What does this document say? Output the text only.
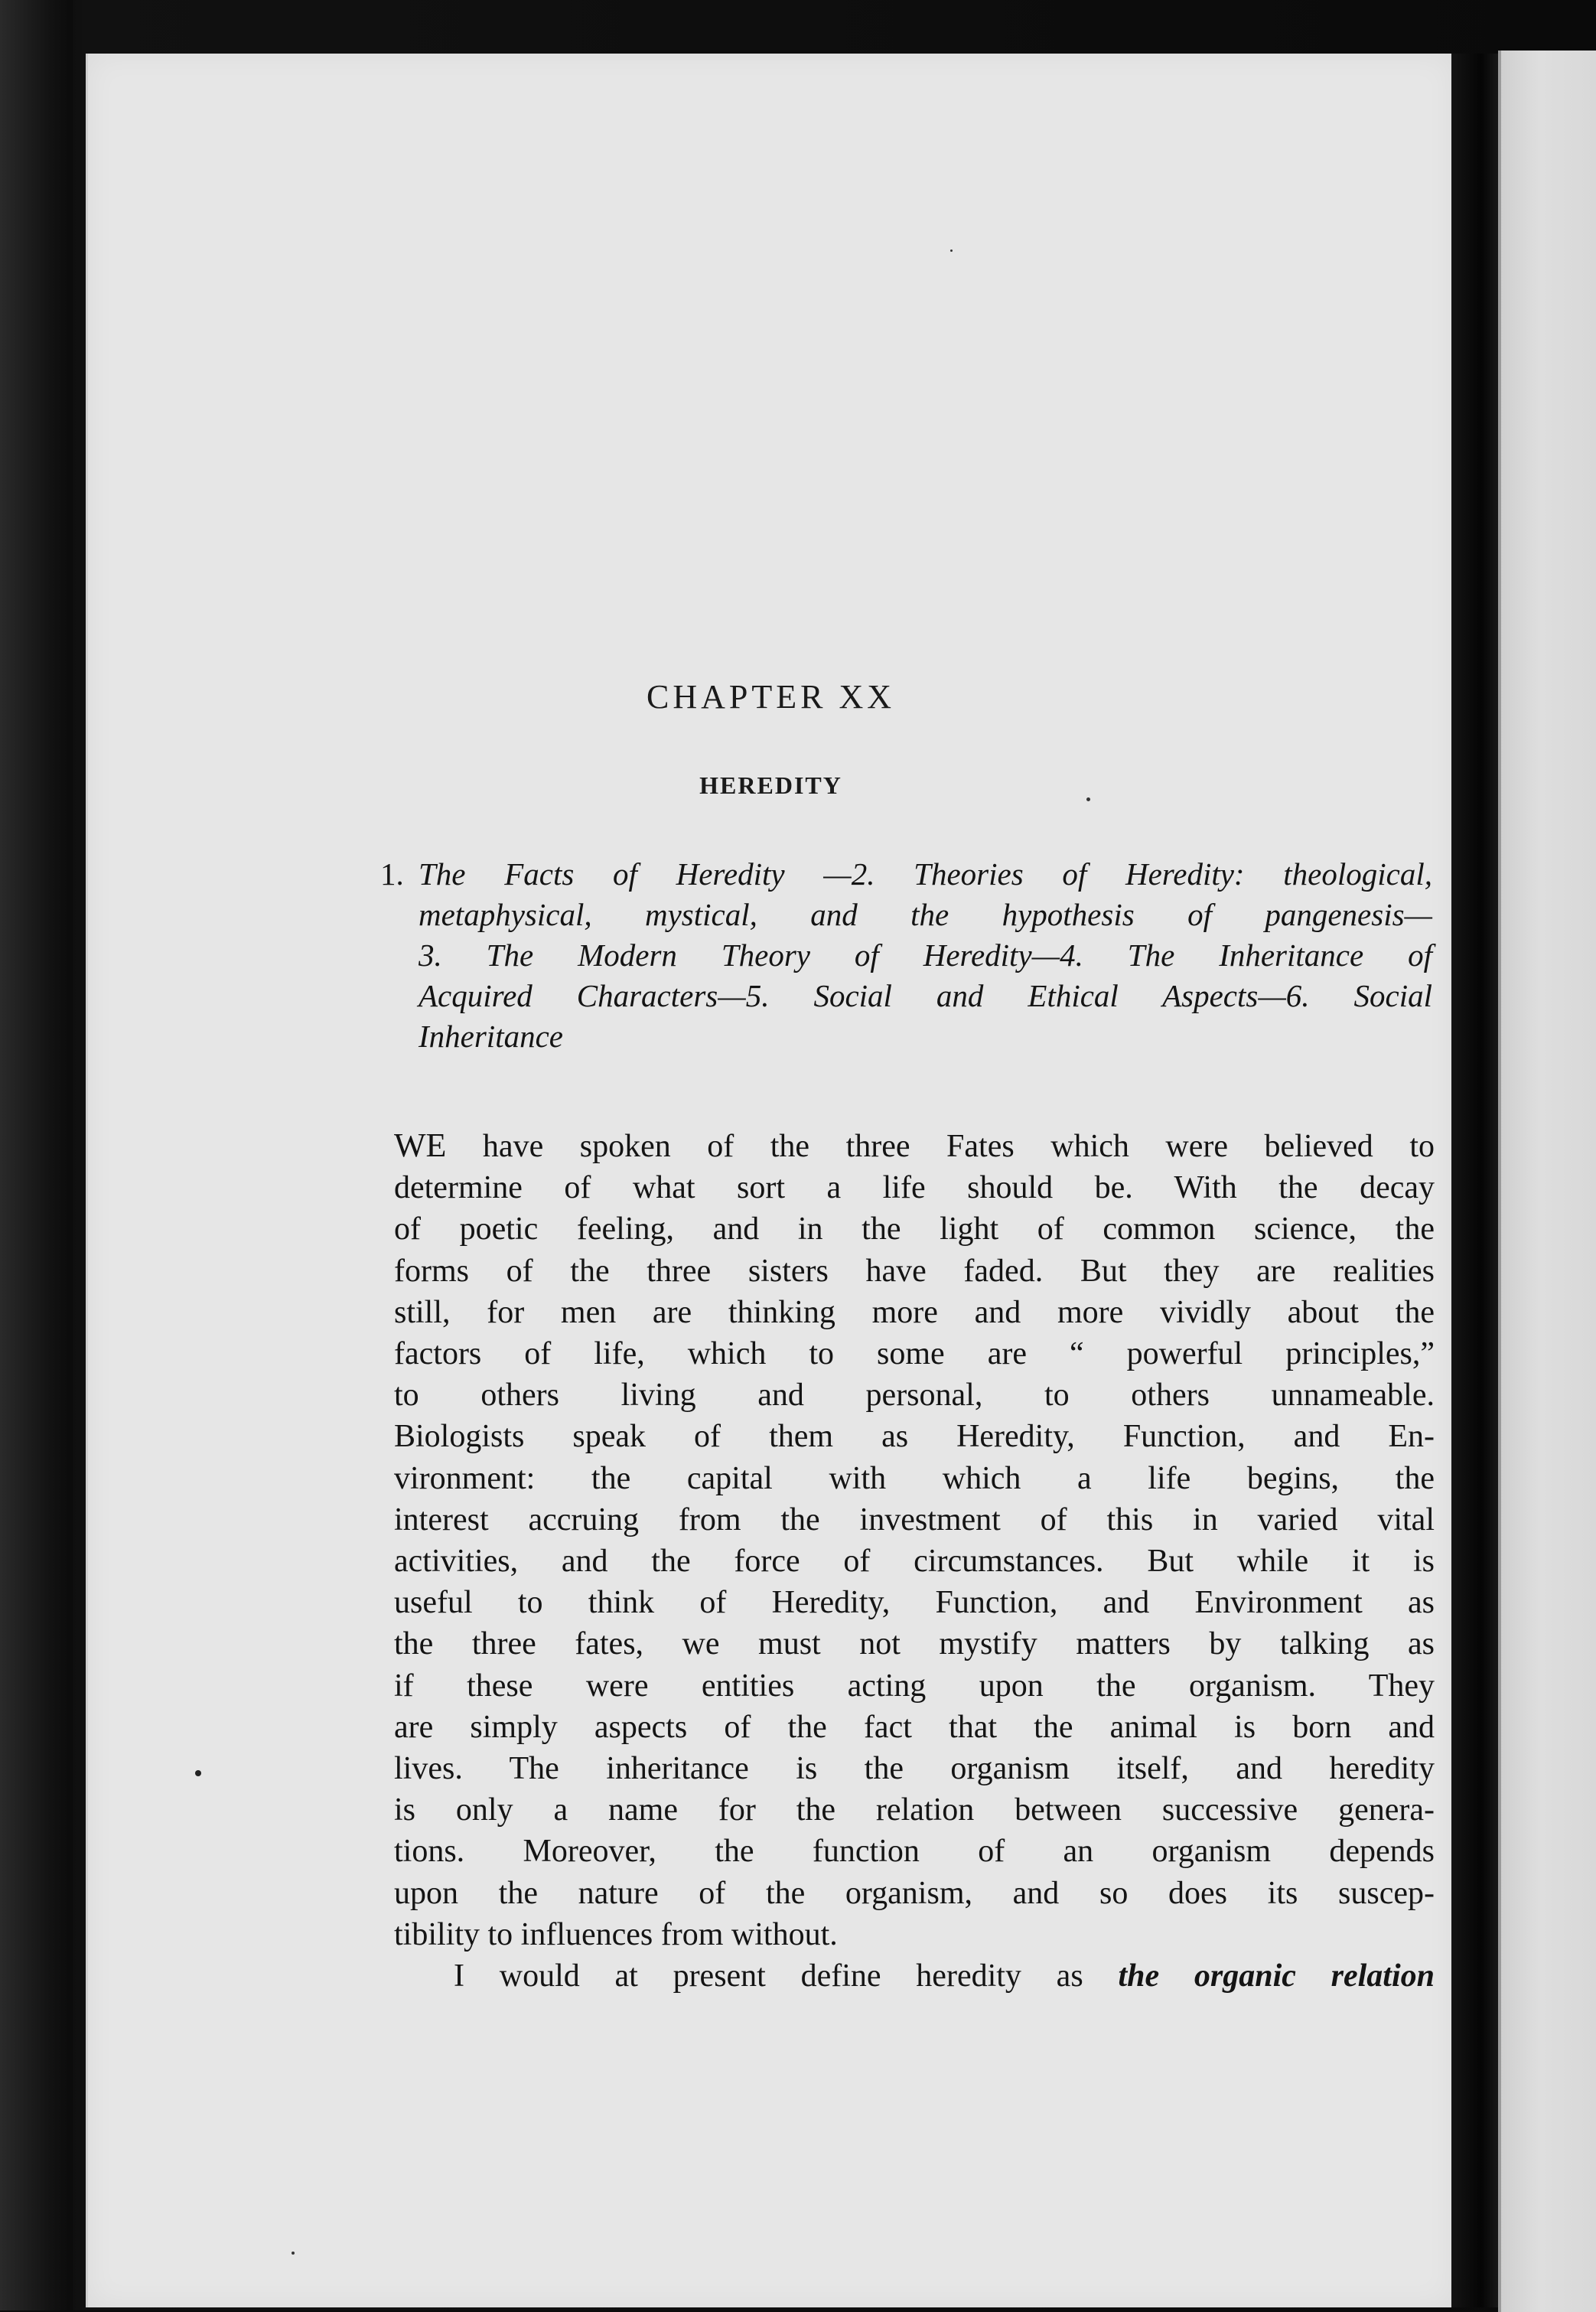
CHAPTER XX
HEREDITY
1. The Facts of Heredity —2. Theories of Heredity: theological,
metaphysical, mystical, and the hypothesis of pangenesis—
3. The Modern Theory of Heredity—4. The Inheritance of
Acquired Characters—5. Social and Ethical Aspects—6. Social
Inheritance
WE have spoken of the three Fates which were believed to
determine of what sort a life should be. With the decay
of poetic feeling, and in the light of common science, the
forms of the three sisters have faded. But they are realities
still, for men are thinking more and more vividly about the
factors of life, which to some are “ powerful principles,”
to others living and personal, to others unnameable.
Biologists speak of them as Heredity, Function, and En-
vironment: the capital with which a life begins, the
interest accruing from the investment of this in varied vital
activities, and the force of circumstances. But while it is
useful to think of Heredity, Function, and Environment as
the three fates, we must not mystify matters by talking as
if these were entities acting upon the organism. They
are simply aspects of the fact that the animal is born and
lives. The inheritance is the organism itself, and heredity
is only a name for the relation between successive genera-
tions. Moreover, the function of an organism depends
upon the nature of the organism, and so does its suscep-
tibility to influences from without.
I would at present define heredity as the organic relation
